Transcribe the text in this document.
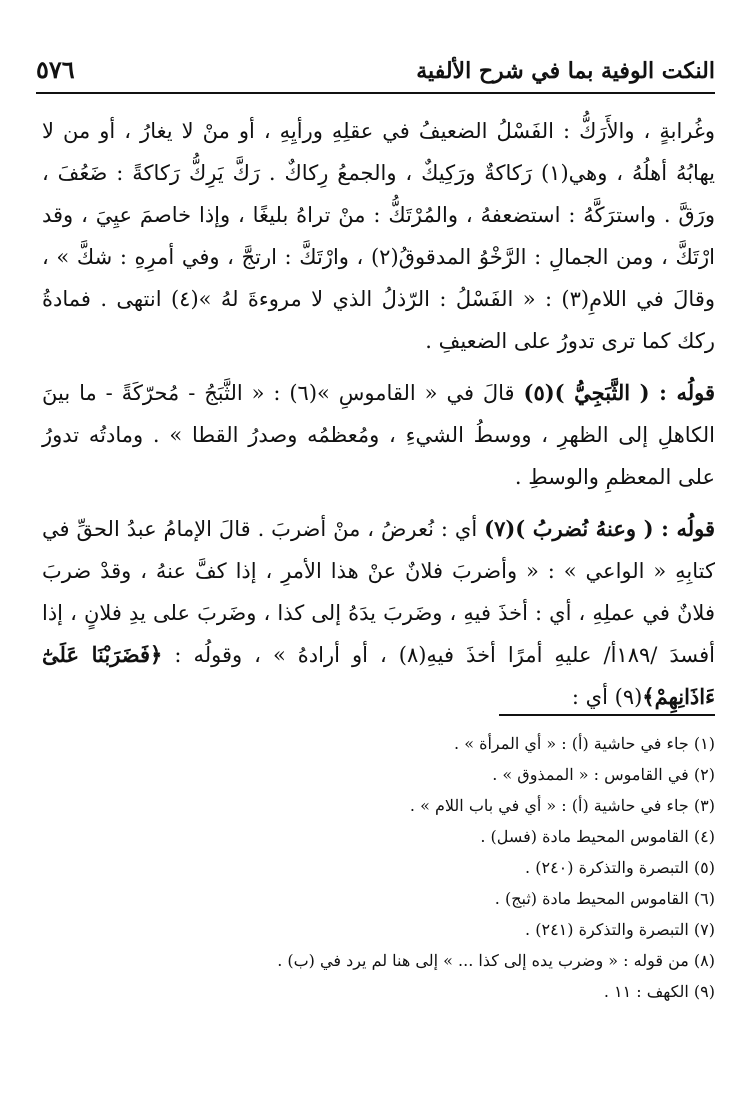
النكت الوفية بما في شرح الألفية
٥٧٦

وغُرابةٍ ، والأَرَكُّ : الفَسْلُ الضعيفُ في عقلِهِ ورأيِهِ ، أو منْ لا يغارُ ، أو من لا يهابُهُ أهلُهُ ، وهي(١) رَكاكةٌ ورَكِيكٌ ، والجمعُ رِكاكٌ . رَكَّ يَرِكُّ رَكاكةً : ضَعُفَ ، ورَقَّ . واسترَكَّهُ : استضعفهُ ، والمُرْتَكُّ : منْ تراهُ بليغًا ، وإذا خاصمَ عيِيَ ، وقد ارْتَكَّ ، ومن الجمالِ : الرَّخْوُ المدقوقُ(٢) ، وارْتَكَّ : ارتجَّ ، وفي أمرِهِ : شكَّ » ، وقالَ في اللامِ(٣) : « الفَسْلُ : الرّذلُ الذي لا مروءةَ لهُ »(٤) انتهى . فمادةُ ركك كما ترى تدورُ على الضعيفِ .

قولُه : ( الثَّبَجِيُّ )(٥) قالَ في « القاموسِ »(٦) : « الثَّبَجُ - مُحرّكَةً - ما بينَ الكاهلِ إلى الظهرِ ، ووسطُ الشيءِ ، ومُعظمُه وصدرُ القطا » . ومادتُه تدورُ على المعظمِ والوسطِ .

قولُه : ( وعنهُ نُضربُ )(٧) أي : نُعرضُ ، منْ أضربَ . قالَ الإمامُ عبدُ الحقِّ في كتابِهِ « الواعي » : « وأضربَ فلانٌ عنْ هذا الأمرِ ، إذا كفَّ عنهُ ، وقدْ ضربَ فلانٌ في عملِهِ ، أي : أخذَ فيهِ ، وضَربَ يدَهُ إلى كذا ، وضَربَ على يدِ فلانٍ ، إذا أفسدَ /١٨٩أ/ عليهِ أمرًا أخذَ فيهِ(٨) ، أو أرادهُ » ، وقولُه : ﴿فَضَرَبْنَا عَلَىٰٓ ءَاذَانِهِمْ﴾(٩) أي :

(١) جاء في حاشية (أ) : « أي المرأة » .
(٢) في القاموس : « الممذوق » .
(٣) جاء في حاشية (أ) : « أي في باب اللام » .
(٤) القاموس المحيط مادة (فسل) .
(٥) التبصرة والتذكرة (٢٤٠) .
(٦) القاموس المحيط مادة (ثبج) .
(٧) التبصرة والتذكرة (٢٤١) .
(٨) من قوله : « وضرب يده إلى كذا ... » إلى هنا لم يرد في (ب) .
(٩) الكهف : ١١ .
